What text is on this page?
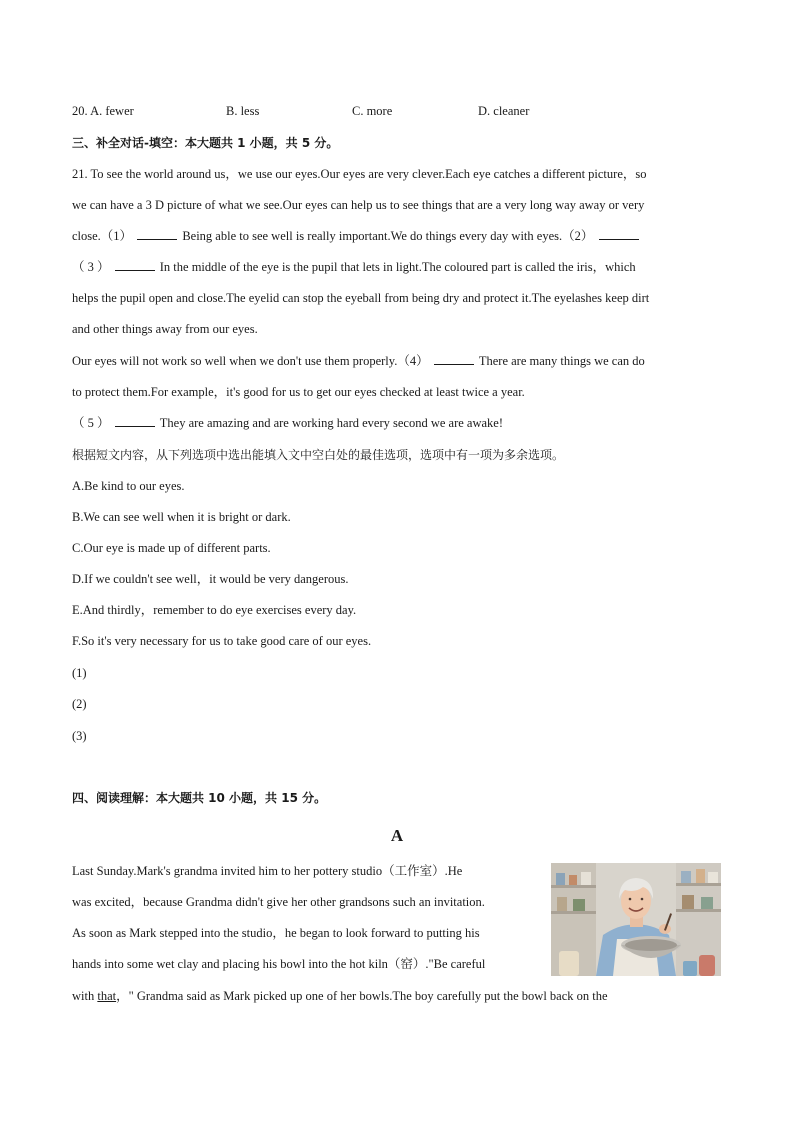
20. A. fewer	B. less	C. more	D. cleaner
三、补全对话-填空：本大题共 1 小题，共 5 分。
21. To see the world around us，we use our eyes.Our eyes are very clever.Each eye catches a different picture，so
we can have a 3 D picture of what we see.Our eyes can help us to see things that are a very long way away or very
close.（1）	Being able to see well is really important.We do things every day with eyes.（2）
（ 3 ）	In the middle of the eye is the pupil that lets in light.The coloured part is called the iris，which
helps the pupil open and close.The eyelid can stop the eyeball from being dry and protect it.The eyelashes keep dirt
and other things away from our eyes.
Our eyes will not work so well when we don't use them properly.（4）	There are many things we can do
to protect them.For example，it's good for us to get our eyes checked at least twice a year.
（ 5 ）	They are amazing and are working hard every second we are awake!
根据短文内容，从下列选项中选出能填入文中空白处的最佳选项，选项中有一项为多余选项。
A.Be kind to our eyes.
B.We can see well when it is bright or dark.
C.Our eye is made up of different parts.
D.If we couldn't see well，it would be very dangerous.
E.And thirdly，remember to do eye exercises every day.
F.So it's very necessary for us to take good care of our eyes.
(1)
(2)
(3)
四、阅读理解：本大题共 10 小题，共 15 分。
A
Last Sunday.Mark's grandma invited him to her pottery studio（工作室）.He
was excited，because Grandma didn't give her other grandsons such an invitation.
As soon as Mark stepped into the studio，he began to look forward to putting his
hands into some wet clay and placing his bowl into the hot kiln（窑）."Be careful
with that，" Grandma said as Mark picked up one of her bowls.The boy carefully put the bowl back on the
